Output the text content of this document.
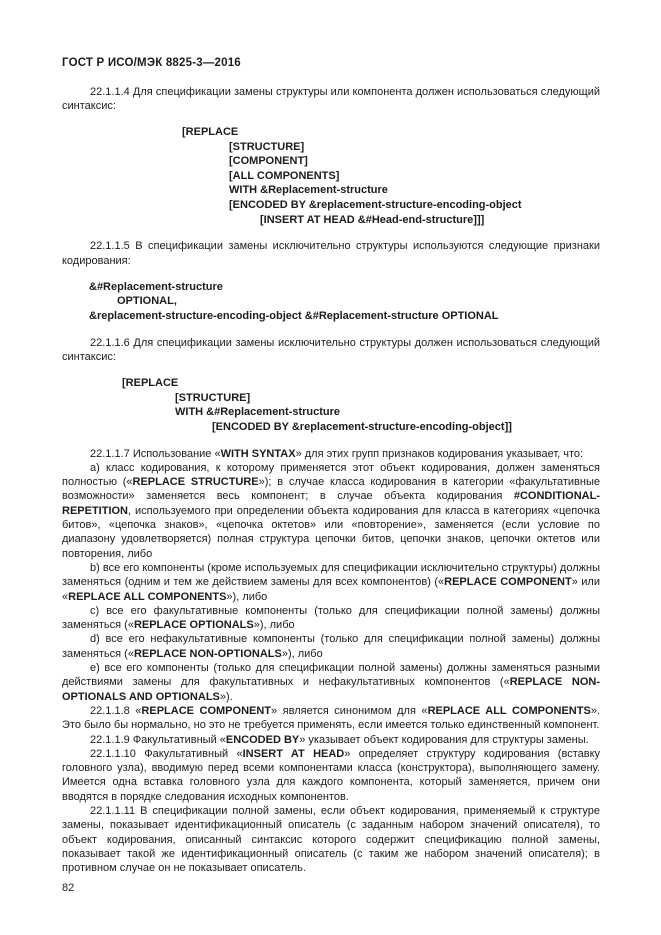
ГОСТ Р ИСО/МЭК 8825-3—2016

22.1.1.4 Для спецификации замены структуры или компонента должен использоваться следующий синтаксис:

[REPLACE
[STRUCTURE]
[COMPONENT]
[ALL COMPONENTS]
WITH &Replacement-structure
[ENCODED BY &replacement-structure-encoding-object
[INSERT AT HEAD &#Head-end-structure]]]

22.1.1.5 В спецификации замены исключительно структуры используются следующие признаки кодирования:

&#Replacement-structure
OPTIONAL,
&replacement-structure-encoding-object &#Replacement-structure OPTIONAL

22.1.1.6 Для спецификации замены исключительно структуры должен использоваться следующий синтаксис:

[REPLACE
[STRUCTURE]
WITH &#Replacement-structure
[ENCODED BY &replacement-structure-encoding-object]]

22.1.1.7 Использование «WITH SYNTAX» для этих групп признаков кодирования указывает, что:

a) класс кодирования, к которому применяется этот объект кодирования, должен заменяться полностью («REPLACE STRUCTURE»); в случае класса кодирования в категории «факультативные возможности» заменяется весь компонент; в случае объекта кодирования #CONDITIONAL-REPETITION, используемого при определении объекта кодирования для класса в категориях «цепочка битов», «цепочка знаков», «цепочка октетов» или «повторение», заменяется (если условие по диапазону удовлетворяется) полная структура цепочки битов, цепочки знаков, цепочки октетов или повторения, либо

b) все его компоненты (кроме используемых для спецификации исключительно структуры) должны заменяться (одним и тем же действием замены для всех компонентов) («REPLACE COMPONENT» или «REPLACE ALL COMPONENTS»), либо

c) все его факультативные компоненты (только для спецификации полной замены) должны заменяться («REPLACE OPTIONALS»), либо

d) все его нефакультативные компоненты (только для спецификации полной замены) должны заменяться («REPLACE NON-OPTIONALS»), либо

e) все его компоненты (только для спецификации полной замены) должны заменяться разными действиями замены для факультативных и нефакультативных компонентов («REPLACE NON-OPTIONALS AND OPTIONALS»).

22.1.1.8 «REPLACE COMPONENT» является синонимом для «REPLACE ALL COMPONENTS». Это было бы нормально, но это не требуется применять, если имеется только единственный компонент.

22.1.1.9 Факультативный «ENCODED BY» указывает объект кодирования для структуры замены.

22.1.1.10 Факультативный «INSERT AT HEAD» определяет структуру кодирования (вставку головного узла), вводимую перед всеми компонентами класса (конструктора), выполняющего замену. Имеется одна вставка головного узла для каждого компонента, который заменяется, причем они вводятся в порядке следования исходных компонентов.

22.1.1.11 В спецификации полной замены, если объект кодирования, применяемый к структуре замены, показывает идентификационный описатель (с заданным набором значений описателя), то объект кодирования, описанный синтаксис которого содержит спецификацию полной замены, показывает такой же идентификационный описатель (с таким же набором значений описателя); в противном случае он не показывает описатель.

82
